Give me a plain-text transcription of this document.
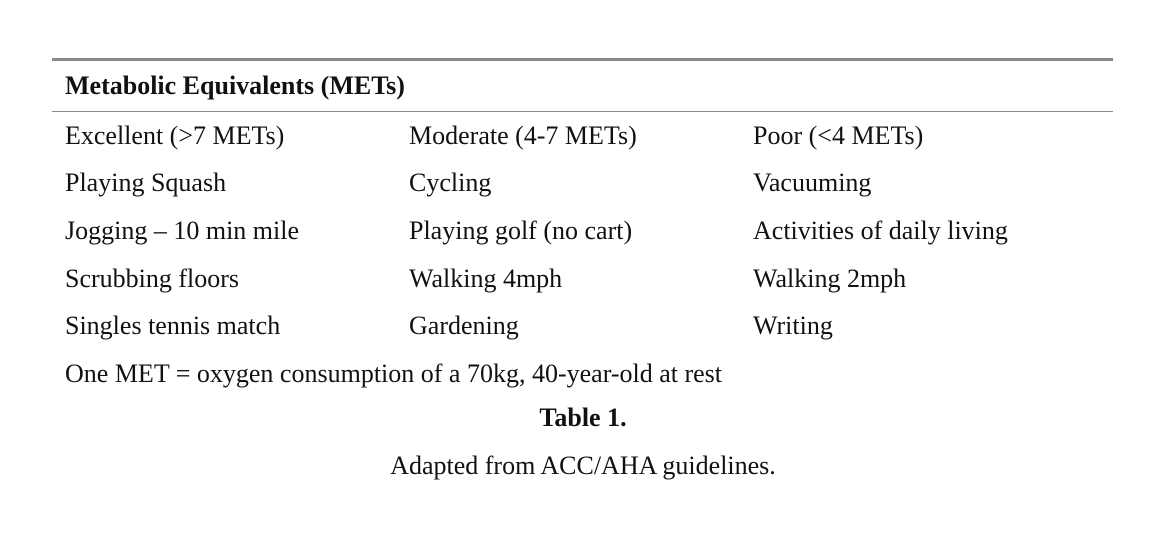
Metabolic Equivalents (METs)
Excellent (>7 METs)	Moderate (4-7 METs)	Poor (<4 METs)
Playing Squash	Cycling	Vacuuming
Jogging – 10 min mile	Playing golf (no cart)	Activities of daily living
Scrubbing floors	Walking 4mph	Walking 2mph
Singles tennis match	Gardening	Writing
One MET = oxygen consumption of a 70kg, 40-year-old at rest
Table 1.
Adapted from ACC/AHA guidelines.
